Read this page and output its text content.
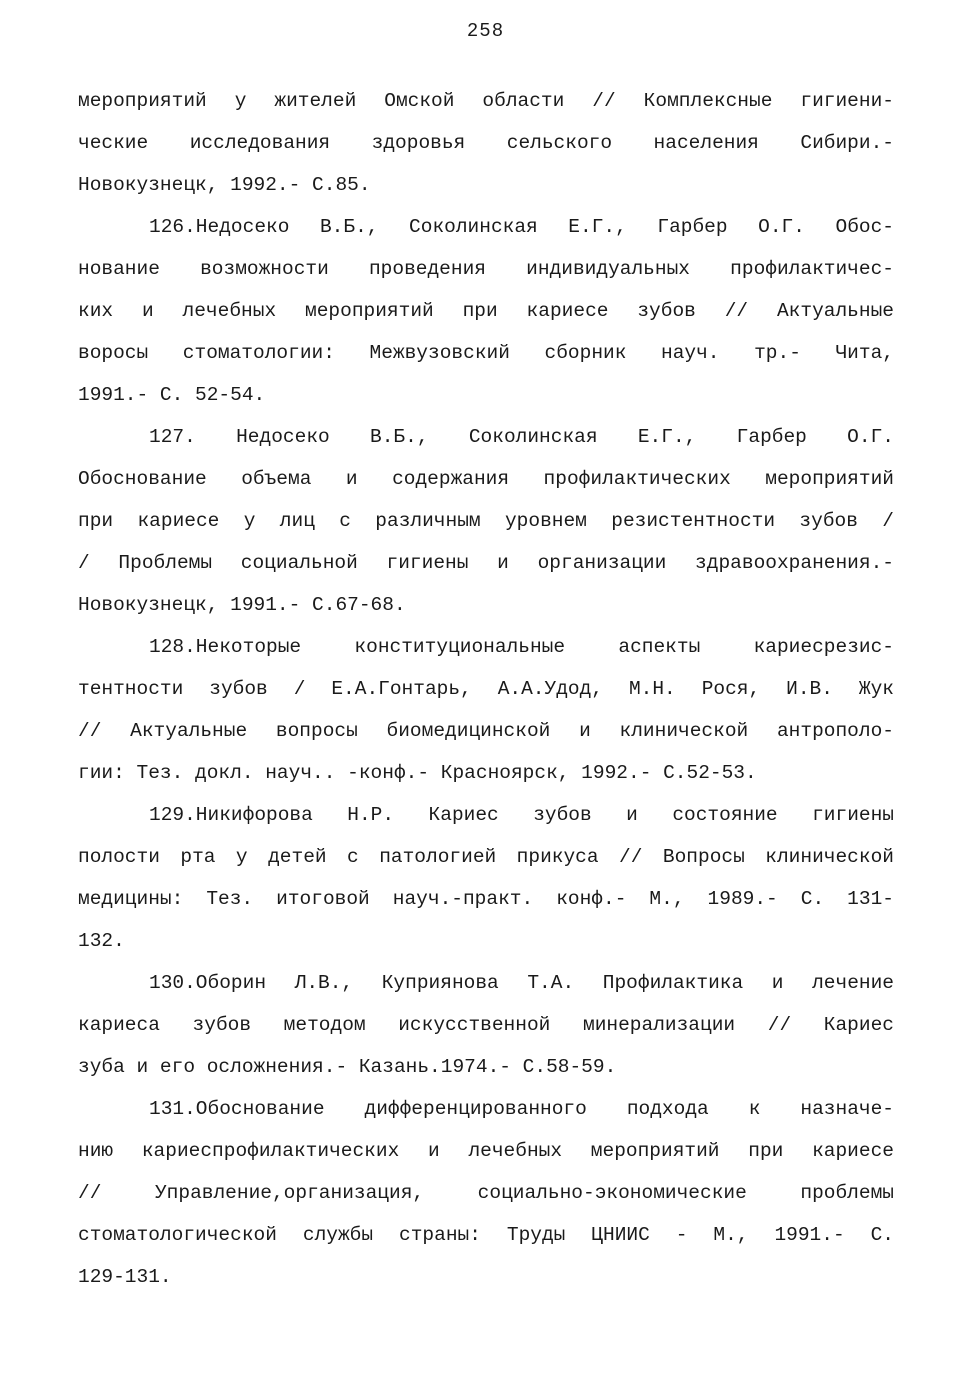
258
мероприятий у жителей Омской области // Комплексные гигиени-
ческие исследования здоровья сельского населения Сибири.-
Новокузнецк, 1992.- С.85.
126.Недосеко В.Б., Соколинская Е.Г., Гарбер О.Г. Обос-
нование возможности проведения индивидуальных профилактичес-
ких и лечебных мероприятий при кариесе зубов // Актуальные
воросы стоматологии: Межвузовский сборник науч. тр.- Чита,
1991.- С. 52-54.
127. Недосеко В.Б., Соколинская Е.Г., Гарбер О.Г.
Обоснование объема и содержания профилактических мероприятий
при кариесе у лиц с различным уровнем резистентности зубов /
/ Проблемы социальной гигиены и организации здравоохранения.-
Новокузнецк, 1991.- С.67-68.
128.Некоторые конституциональные аспекты кариесрезис-
тентности зубов / Е.А.Гонтарь, А.А.Удод, М.Н. Рося, И.В. Жук
// Актуальные вопросы биомедицинской и клинической антрополо-
гии: Тез. докл. науч.. -конф.- Красноярск, 1992.- С.52-53.
129.Никифорова Н.Р. Кариес зубов и состояние гигиены
полости рта у детей с патологией прикуса // Вопросы клинической
медицины: Тез. итоговой науч.-практ. конф.- М., 1989.- С. 131-
132.
130.Оборин Л.В., Куприянова Т.А. Профилактика и лечение
кариеса зубов методом искусственной минерализации // Кариес
зуба и его осложнения.- Казань.1974.- С.58-59.
131.Обоснование дифференцированного подхода к назначе-
нию кариеспрофилактических и лечебных мероприятий при кариесе
// Управление,организация, социально-экономические проблемы
стоматологической службы страны: Труды ЦНИИС - М., 1991.- С.
129-131.
